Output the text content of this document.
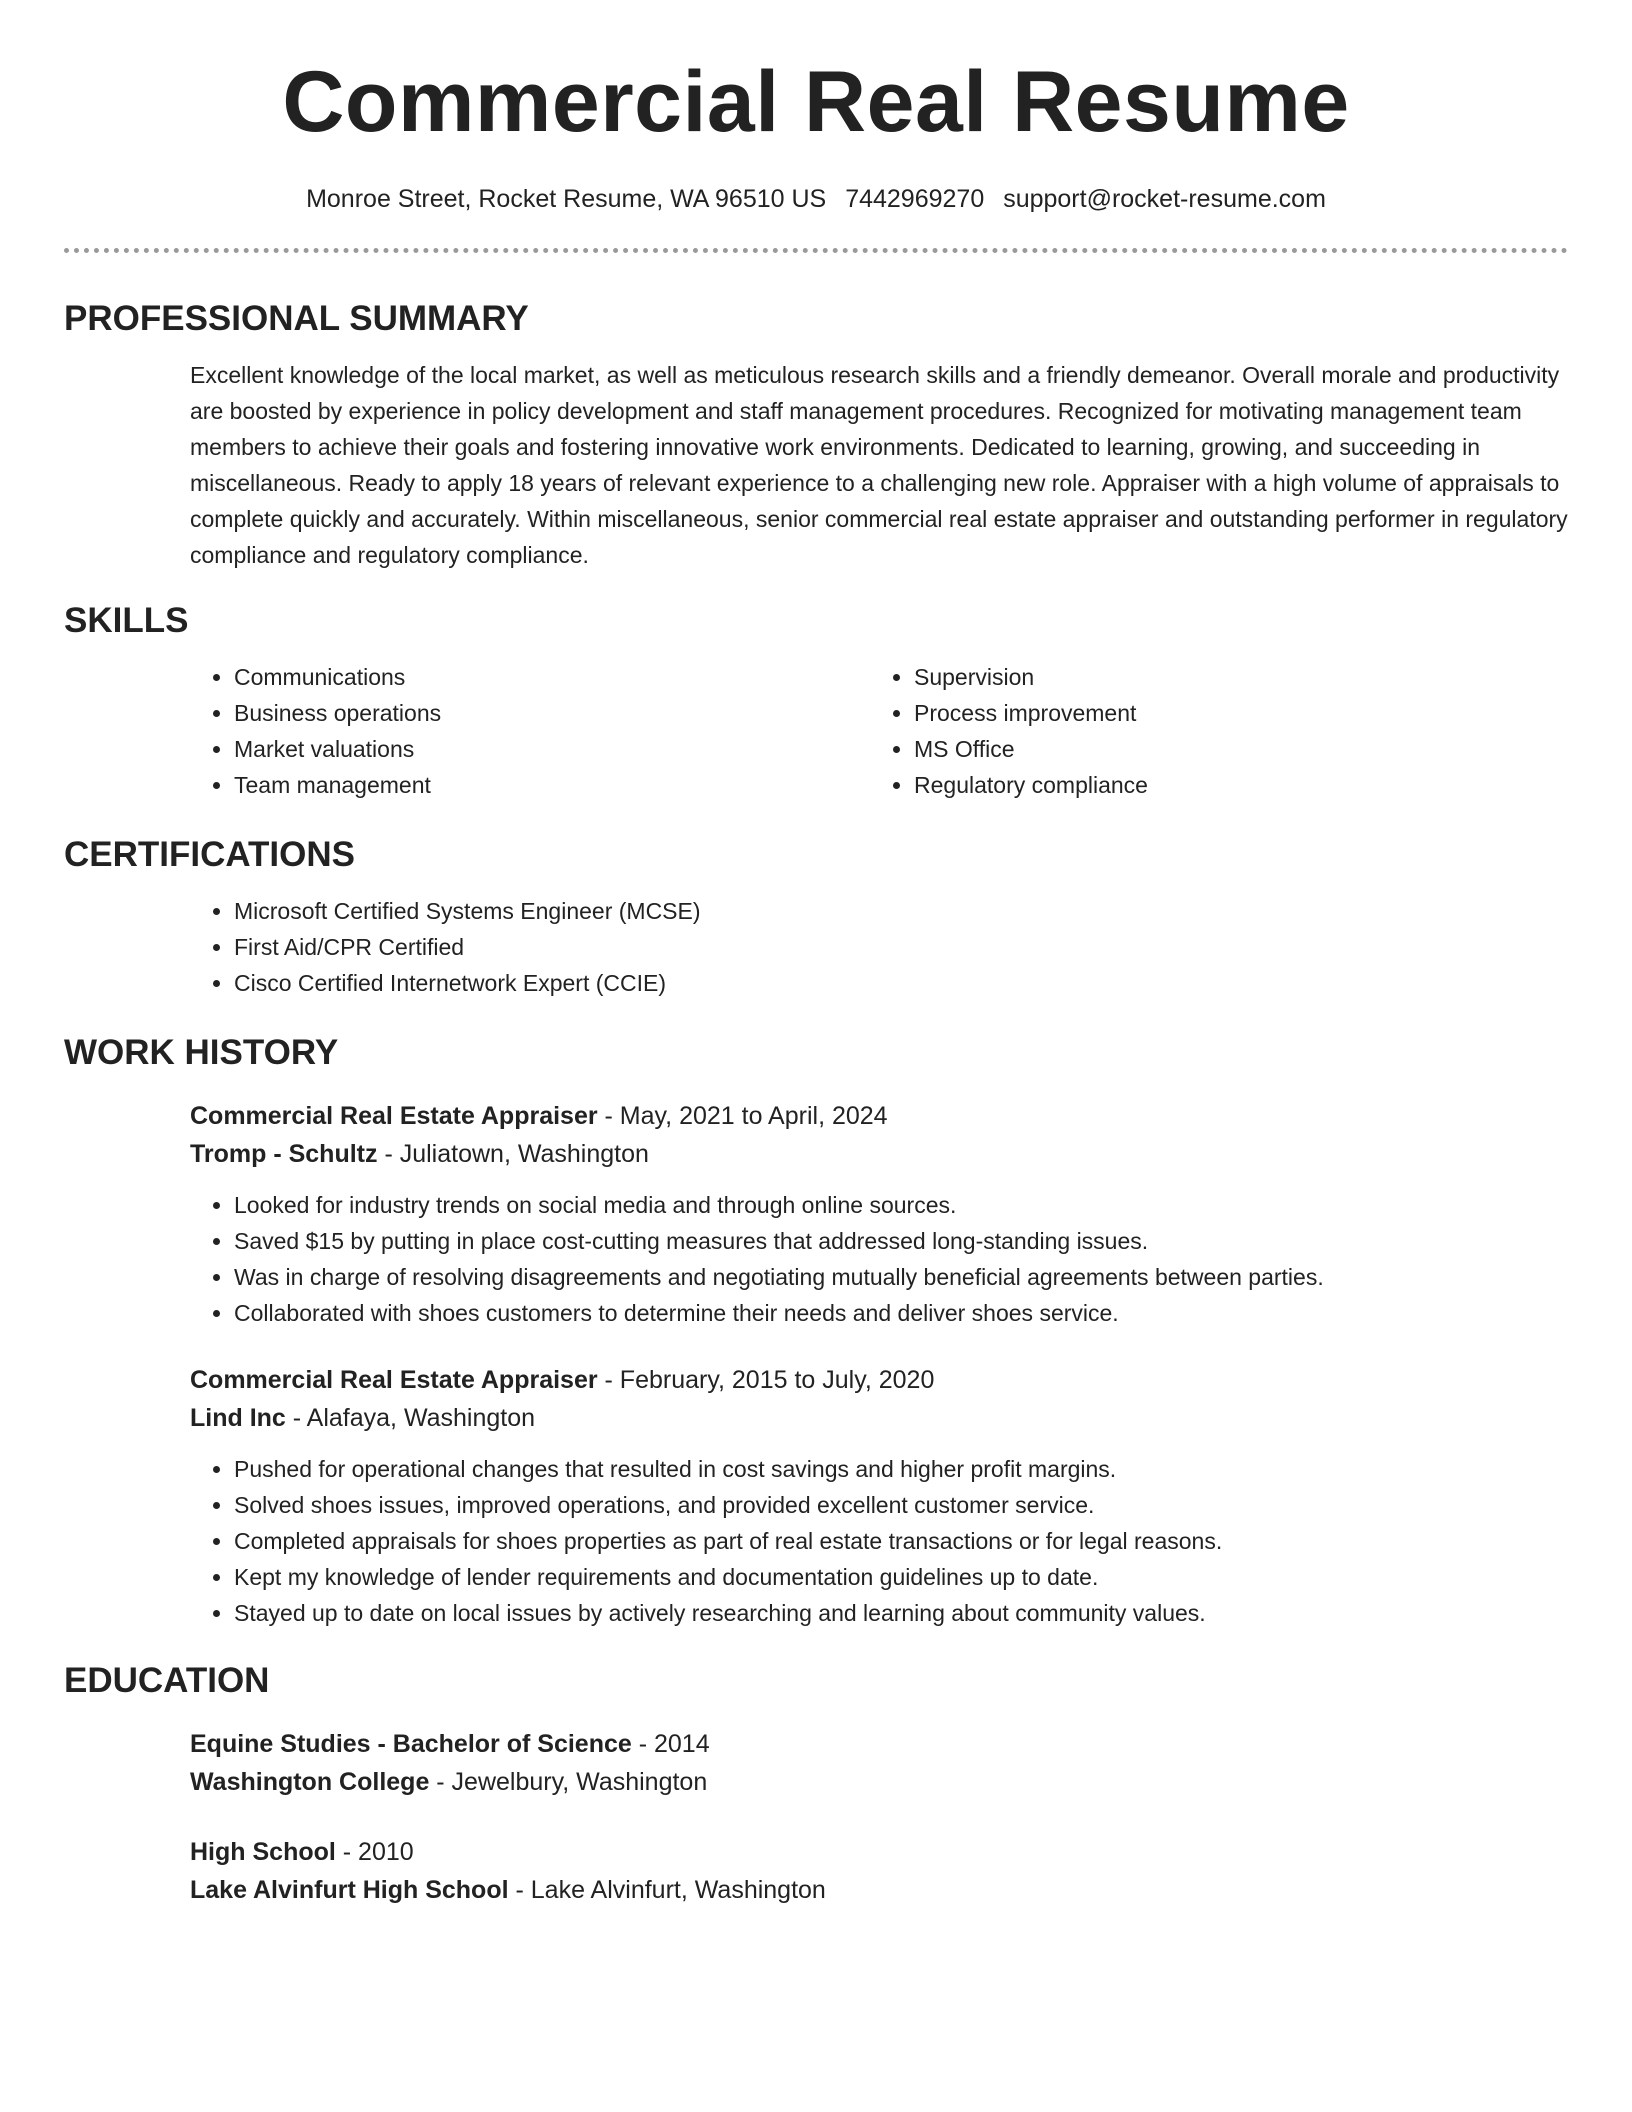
Commercial Real Resume
Monroe Street, Rocket Resume, WA 96510 US 7442969270 support@rocket-resume.com
PROFESSIONAL SUMMARY

Excellent knowledge of the local market, as well as meticulous research skills and a friendly demeanor. Overall morale and productivity are boosted by experience in policy development and staff management procedures. Recognized for motivating management team members to achieve their goals and fostering innovative work environments. Dedicated to learning, growing, and succeeding in miscellaneous. Ready to apply 18 years of relevant experience to a challenging new role. Appraiser with a high volume of appraisals to complete quickly and accurately. Within miscellaneous, senior commercial real estate appraiser and outstanding performer in regulatory compliance and regulatory compliance.

SKILLS
• Communications
• Business operations
• Market valuations
• Team management
• Supervision
• Process improvement
• MS Office
• Regulatory compliance
CERTIFICATIONS
• Microsoft Certified Systems Engineer (MCSE)
• First Aid/CPR Certified
• Cisco Certified Internetwork Expert (CCIE)
WORK HISTORY

Commercial Real Estate Appraiser - May, 2021 to April, 2024

Tromp - Schultz - Juliatown, Washington

• Looked for industry trends on social media and through online sources.
• Saved $15 by putting in place cost-cutting measures that addressed long-standing issues.
• Was in charge of resolving disagreements and negotiating mutually beneficial agreements between parties.
• Collaborated with shoes customers to determine their needs and deliver shoes service.

Commercial Real Estate Appraiser - February, 2015 to July, 2020

Lind Inc - Alafaya, Washington

• Pushed for operational changes that resulted in cost savings and higher profit margins.
• Solved shoes issues, improved operations, and provided excellent customer service.
• Completed appraisals for shoes properties as part of real estate transactions or for legal reasons.
• Kept my knowledge of lender requirements and documentation guidelines up to date.
• Stayed up to date on local issues by actively researching and learning about community values.
EDUCATION

Equine Studies - Bachelor of Science - 2014

Washington College - Jewelbury, Washington

High School - 2010

Lake Alvinfurt High School - Lake Alvinfurt, Washington
